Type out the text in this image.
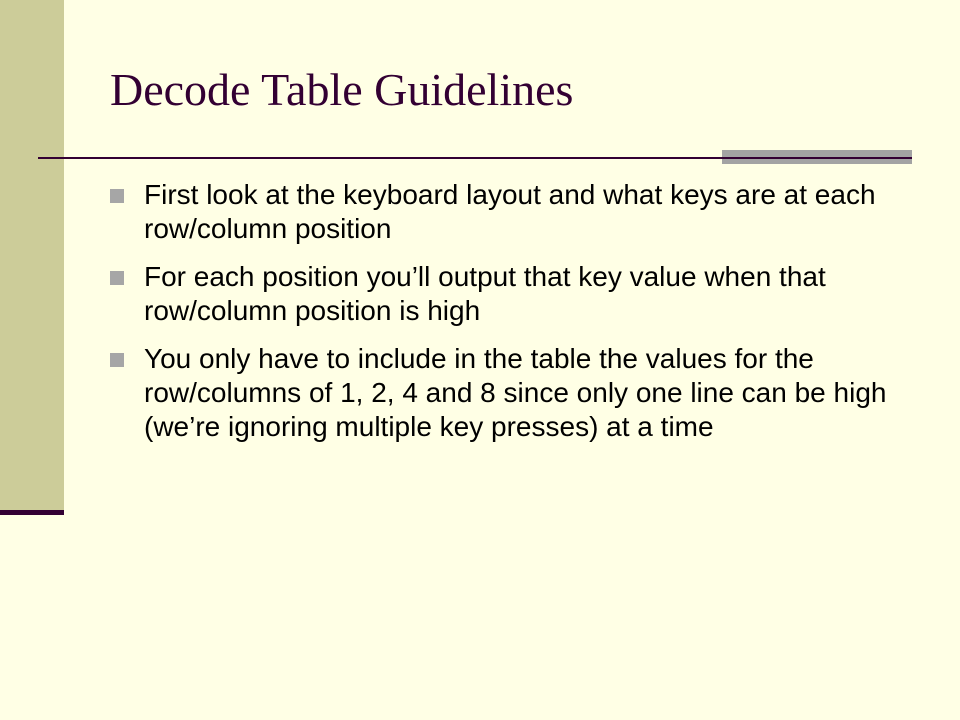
Decode Table Guidelines
First look at the keyboard layout and what keys are at each row/column position
For each position you’ll output that key value when that row/column position is high
You only have to include in the table the values for the row/columns of 1, 2, 4 and 8 since only one line can be high (we’re ignoring multiple key presses) at a time
